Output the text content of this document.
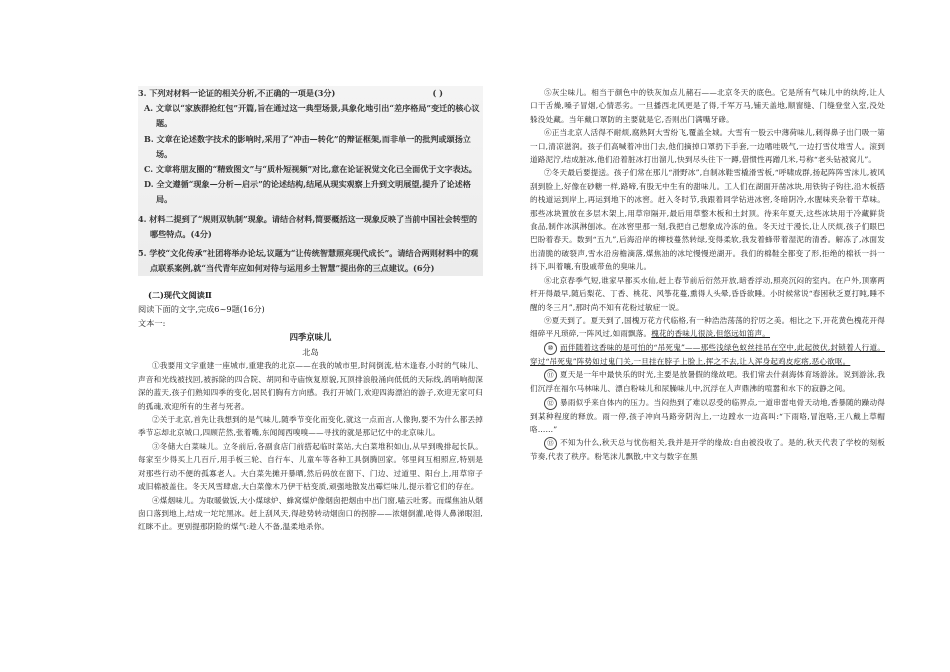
( )
3. 下列对材料一论证的相关分析,不正确的一项是(3分)
A. 文章以“家族群抢红包”开篇,旨在通过这一典型场景,具象化地引出“差序格局”变迁的核心议题。
B. 文章在论述数字技术的影响时,采用了“冲击—转化”的辩证框架,而非单一的批判或颂扬立场。
C. 文章将朋友圈的“精致图文”与“质朴短视频”对比,意在论证祝觉文化已全面优于文字表达。
D. 全文遵循“现象—分析—启示”的论述结构,结尾从现实观察上升到文明展望,提升了论述格局。
4. 材料二提到了“规则双轨制”现象。请结合材料,简要概括这一现象反映了当前中国社会转型的哪些特点。(4分)
5. 学校“文化传承”社团将举办论坛,议题为“让传统智慧照亮现代成长”。请结合两则材料中的观点联系案例,就“当代青年应如何对待与运用乡土智慧”提出你的三点建议。(6分)
(二)现代文阅读Ⅱ
阅读下面的文字,完成6~9题(16分)
文本一:
四季京味儿
北岛

①我要用文字重建一座城市,重建我的北京——在我的城市里,时间倒流,枯木逢春,小时的气味儿、声音和光线被找回,被拆除的四合院、胡同和寺庙恢复原貌,瓦顶排浪般涌向低低的天际线,鸽哨响彻深深的蓝天,孩子们熟知四季的变化,居民们胸有方向感。我打开城门,欢迎四海漂泊的游子,欢迎无家可归的孤魂,欢迎所有的生者与死者。

②关于北京,首先让我想到的是气味儿,随季节变化而变化,就这一点而言,人像狗,要不为什么都丢掉季节忘却北京城口,四顾茫然,张着嘴,东闻闻西嗅嗅——寻找的就是那记忆中的北京味儿。

③冬储大白菜味儿。立冬前后,各副食店门前搭起临时菜站,大白菜堆积如山,从早到晚排起长队。每家至少得买上几百斤,用手板三轮、自行车、儿童车等各种工具倒腾回家。邻里间互相照应,特别是对那些行动不便的孤寡老人。大白菜先摊开暴晒,然后码放在窗下、门边、过道里、阳台上,用草帘子或旧棉被盖住。冬天风雪肆虐,大白菜像木乃伊干枯变质,顽强地散发出霉烂味儿,提示着它们的存在。

④煤烟味儿。为取暖做饭,大小煤球炉、蜂窝煤炉像烟囱把烟由中出门窗,嗑云吐雾。而煤焦油从烟囱口落到地上,结成一坨坨黑冰。赶上刮风天,得趁势转动烟囱口的拐脖——浓烟倒灌,呛得人鼻涕眼泪,红眯不止。更别提那阴险的煤气:趁人不备,温柔地杀你。

⑤灰尘味儿。相当于颜色中的铁灰加点儿赭石——北京冬天的底色。它是所有气味儿中的纨绔,让人口干舌燥,嗓子冒烟,心情恶劣。一旦播西北风更是了得,千军万马,铺天盖地,顺窗缝、门缝登堂入室,没处躲没处藏。当年戴口罩防的主要就是它,否则出门满嘴牙磣。

⑥正当北京人活得不耐烦,腐熟阿大雪纷飞,覆盖全城。大雪有一股云中薄荷味儿,刺得鼻子出门吸一第一口,清凉滋润。孩子们高喊着冲出门去,他们摘掉口罩扔下手套,一边嗜哇吸气,一边打雪仗堆雪人。滚到道路泥泞,结成脏冰,他们沿着脏冰打出溜儿,快到尽头往下一蹲,借惯性再蹭几米,号称“老头钻被窝儿”。

⑦冬天最后要提送。孩子们常在那儿“滑野冰”,自制冰鞋雪橇滑雪板,“呼啸成群,扬起阵阵雪沫儿,被风刮到脸上,好像在砂糖一样,路啼,有股无中生有的甜味儿。工人们在湖面开凿冰块,用铁钩子钩往,沿木板搭的栈道运到岸上,再运到地下的冰窖。赶入冬时节,我跟着同学钻进冰窖,冬暗阴冷,水腥味夹杂着干草味。那些冰块置放在多层木架上,用草帘隔开,最后用草整木板和土封顶。待来年夏天,这些冰块用于冷藏鲜货食品,制作冰淇淋刨冰。在冰窖里那一刻,我把自己想象成冷冻的鱼。冬天过于漫长,让人厌烦,孩子们眼巴巴盼着春天。数到“五九”,后海沿岸的柳枝蔓然转绿,变得柔软,我发着蜂带着湿泥的清香。解冻了,冰面发出清脆的破裂声,雪水沿房檐滴落,煤焦油的冰坨慢慢逆湖开。我们的棉鞋全都变了形,拒绝的棉袄一抖一抖下,叫着嚷,有股戚带鱼的臭味儿。

⑧北京春季气短,谁家早都买水仙,赶上春节前后衍然开放,暗香浮动,照亮沉闷的室内。在户外,顶寨两杆开得最早,随后梨花、丁香、桃花、风筝花蔓,熏得人头晕,昏昏欲睡。小时候常说“春困秋乏夏打盹,睡不醒的冬三月”,那时尚不知有花粉过敏症一说。

⑨夏天到了。夏天到了,国槐万花方代临格,有一种浩浩荡荡的狞厉之美。相比之下,开花黄色槐花开得细碎平凡琐碎,一阵风过,如雨飘落。槐花的香味儿很淡,但悠远如笛声。

⑩ 而伴随着这香味的是可怕的“吊死鬼”——那些浅绿色蚁丝挂吊在空中,此起彼伏,封锁着人行道。穿过“吊死鬼”阵势如过鬼门关,一旦挂在脖子上脸上,挥之不去,让人浑身起鸡皮疙瘩,恶心欲呕。

⑪ 夏天是一年中最快乐的时光,主要是放暑假的缘故吧。我们常去什刹海体育场游泳。说到游泳,我们沉浮在福尔马林味儿、漂白粉味儿和尿臊味儿中,沉浮在人声鼎沸的喧嚣和水下的寂静之间。

⑫ 暴雨似乎来自体内的压力。当闷热到了难以忍受的临界点,一道串雷电骨天动地,香暴随的躁动得到某种程度的释放。雨一停,孩子冲向马路旁阴沟上,一边蹚水一边高叫:“下雨咯,冒泡咯,王八戴上草帽咯……”

⑬ 不知为什么,秋天总与忧伤相关,我并是开学的缘故:自由被没收了。是的,秋天代表了学校的刻板节奏,代表了秩序。粉笔沫儿飘散,中文与数字在黑
